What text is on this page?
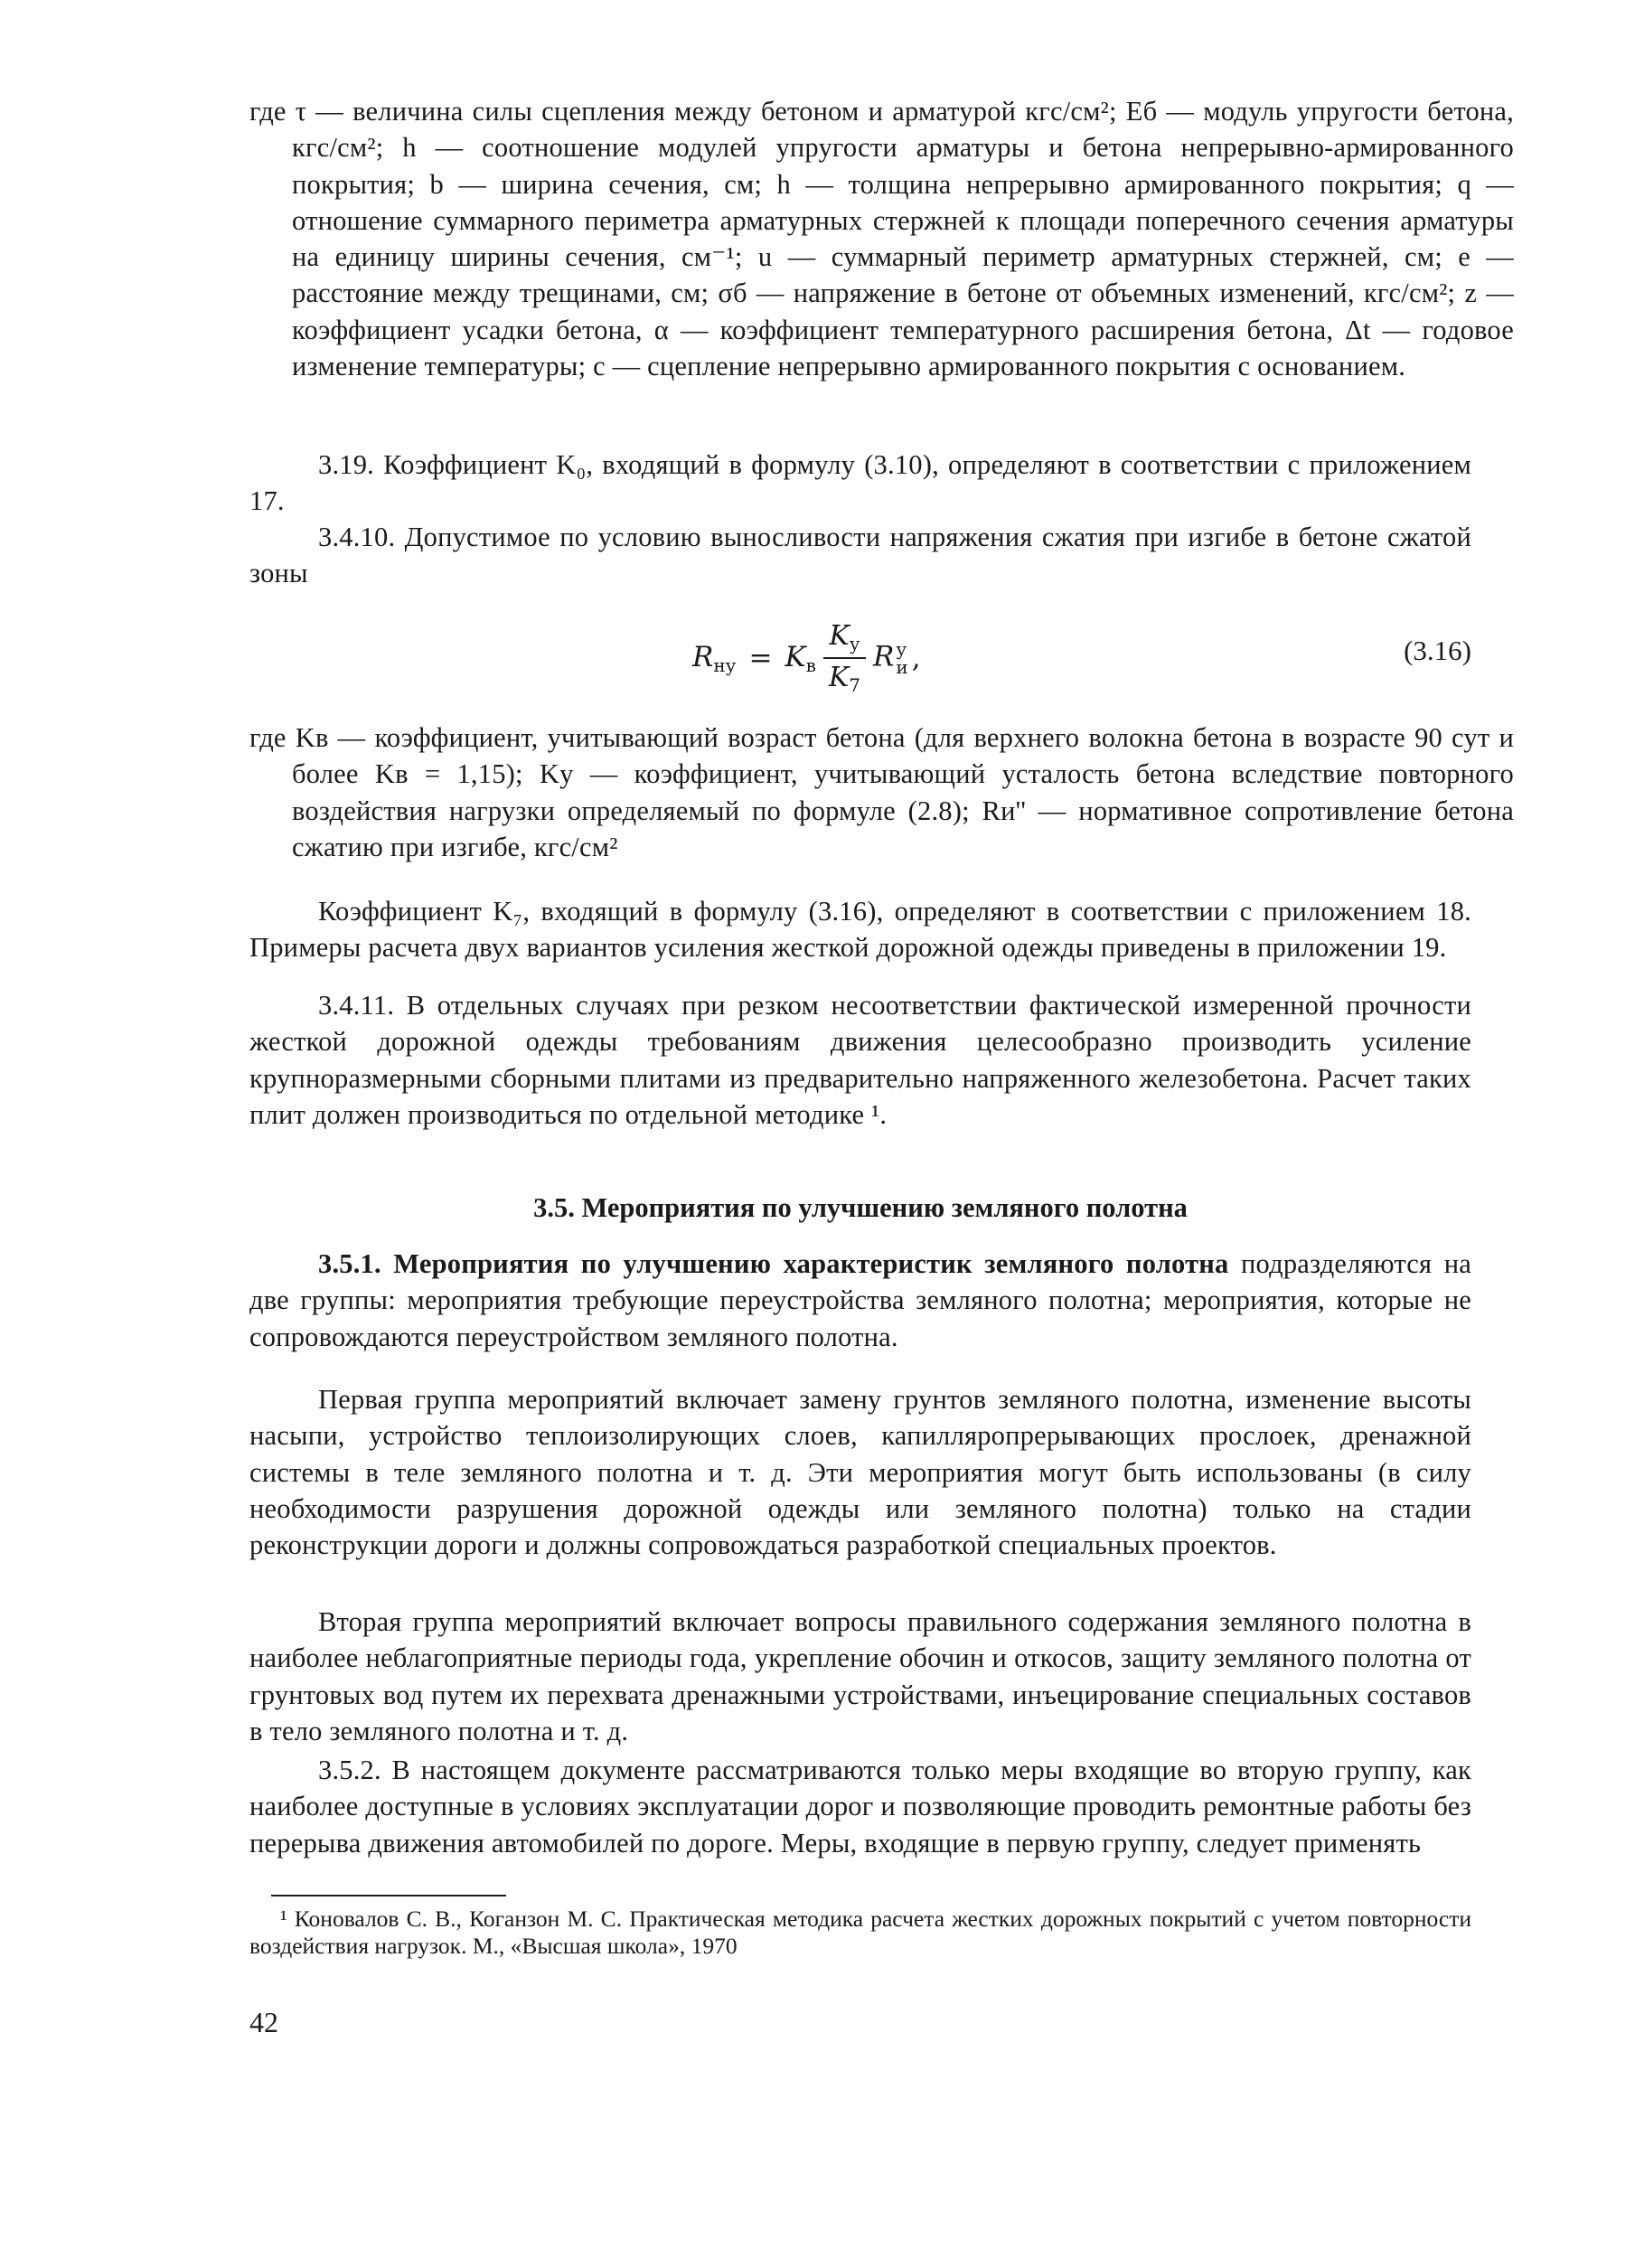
где τ — величина силы сцепления между бетоном и арматурой кгс/см²; Eб — модуль упругости бетона, кгс/см²; h — соотношение модулей упругости арматуры и бетона непрерывно-армированного покрытия; b — ширина сечения, см; h — толщина непрерывно армированного покрытия; q — отношение суммарного периметра арматурных стержней к площади поперечного сечения арматуры на единицу ширины сечения, см⁻¹; u — суммарный периметр арматурных стержней, см; e — расстояние между трещинами, см; σб — напряжение в бетоне от объемных изменений, кгс/см²; z — коэффициент усадки бетона, α — коэффициент температурного расширения бетона, Δt — годовое изменение температуры; c — сцепление непрерывно армированного покрытия с основанием.
3.19. Коэффициент K₀, входящий в формулу (3.10), определяют в соответствии с приложением 17.
3.4.10. Допустимое по условию выносливости напряжения сжатия при изгибе в бетоне сжатой зоны
$R_{ну} = K_в \frac{K_у}{K_7}$ R у
и ,	(3.16)
где Kв — коэффициент, учитывающий возраст бетона (для верхнего волокна бетона в возрасте 90 сут и более Kв = 1,15); Kу — коэффициент, учитывающий усталость бетона вследствие повторного воздействия нагрузки определяемый по формуле (2.8); Rи'' — нормативное сопротивление бетона сжатию при изгибе, кгс/см²
Коэффициент K₇, входящий в формулу (3.16), определяют в соответствии с приложением 18. Примеры расчета двух вариантов усиления жесткой дорожной одежды приведены в приложении 19.
3.4.11. В отдельных случаях при резком несоответствии фактической измеренной прочности жесткой дорожной одежды требованиям движения целесообразно производить усиление крупноразмерными сборными плитами из предварительно напряженного железобетона. Расчет таких плит должен производиться по отдельной методике ¹.
3.5. Мероприятия по улучшению земляного полотна
3.5.1. Мероприятия по улучшению характеристик земляного полотна подразделяются на две группы: мероприятия требующие переустройства земляного полотна; мероприятия, которые не сопровождаются переустройством земляного полотна.
Первая группа мероприятий включает замену грунтов земляного полотна, изменение высоты насыпи, устройство теплоизолирующих слоев, капилляропрерывающих прослоек, дренажной системы в теле земляного полотна и т. д. Эти мероприятия могут быть использованы (в силу необходимости разрушения дорожной одежды или земляного полотна) только на стадии реконструкции дороги и должны сопровождаться разработкой специальных проектов.
Вторая группа мероприятий включает вопросы правильного содержания земляного полотна в наиболее неблагоприятные периоды года, укрепление обочин и откосов, защиту земляного полотна от грунтовых вод путем их перехвата дренажными устройствами, инъецирование специальных составов в тело земляного полотна и т. д.
3.5.2. В настоящем документе рассматриваются только меры входящие во вторую группу, как наиболее доступные в условиях эксплуатации дорог и позволяющие проводить ремонтные работы без перерыва движения автомобилей по дороге. Меры, входящие в первую группу, следует применять
¹ Коновалов С. В., Коганзон М. С. Практическая методика расчета жестких дорожных покрытий с учетом повторности воздействия нагрузок. М., «Высшая школа», 1970
42
